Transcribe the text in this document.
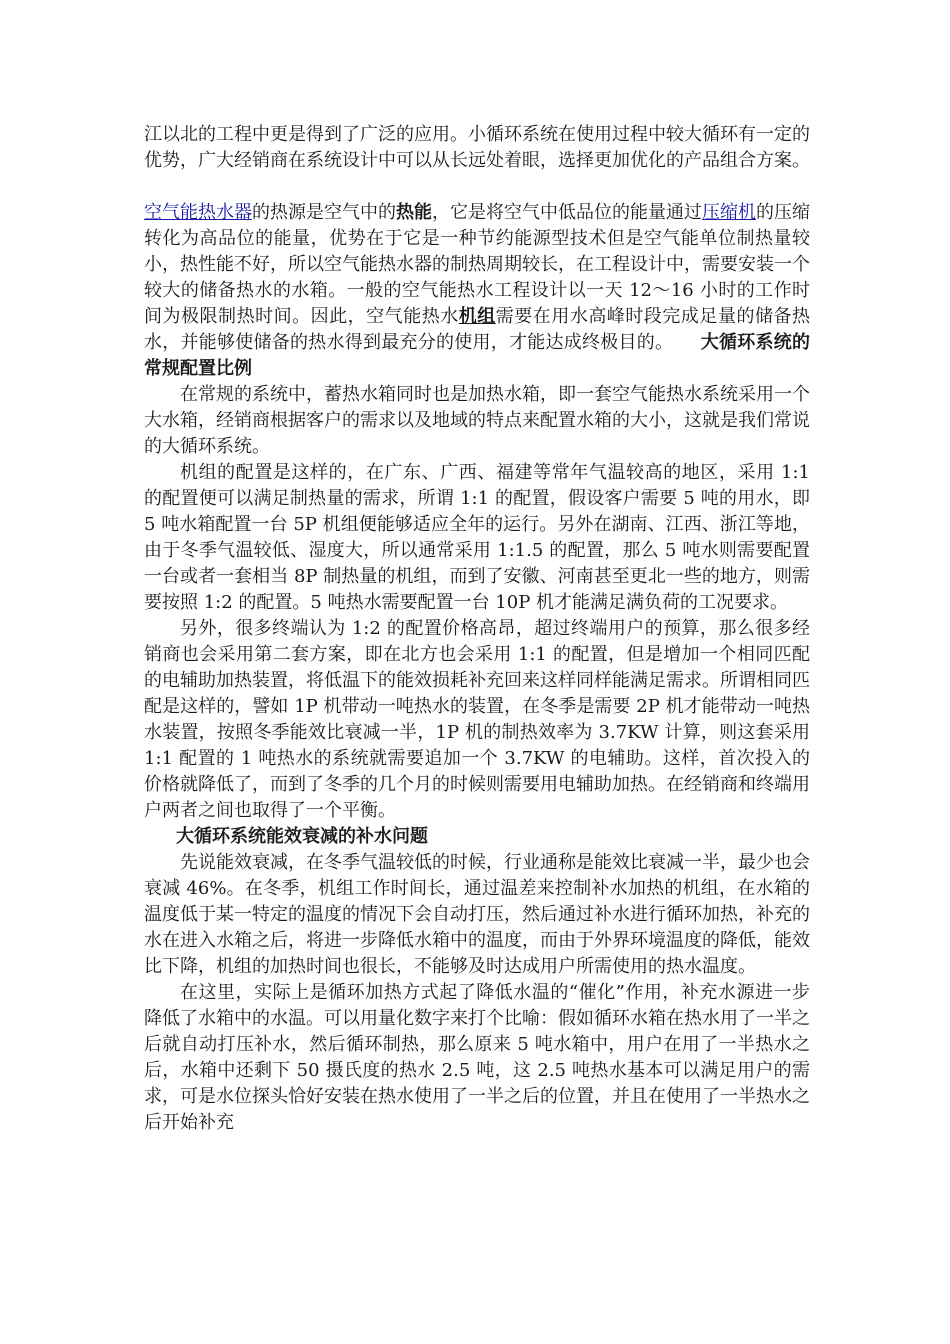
江以北的工程中更是得到了广泛的应用。小循环系统在使用过程中较大循环有一定的优势，广大经销商在系统设计中可以从长远处着眼，选择更加优化的产品组合方案。

空气能热水器的热源是空气中的热能，它是将空气中低品位的能量通过压缩机的压缩转化为高品位的能量，优势在于它是一种节约能源型技术但是空气能单位制热量较小，热性能不好，所以空气能热水器的制热周期较长，在工程设计中，需要安装一个较大的储备热水的水箱。一般的空气能热水工程设计以一天 12～16 小时的工作时间为极限制热时间。因此，空气能热水机组需要在用水高峰时段完成足量的储备热水，并能够使储备的热水得到最充分的使用，才能达成终极目的。　　 大循环系统的常规配置比例

在常规的系统中，蓄热水箱同时也是加热水箱，即一套空气能热水系统采用一个大水箱，经销商根据客户的需求以及地域的特点来配置水箱的大小，这就是我们常说的大循环系统。

机组的配置是这样的，在广东、广西、福建等常年气温较高的地区，采用 1:1 的配置便可以满足制热量的需求，所谓 1:1 的配置，假设客户需要 5 吨的用水，即 5 吨水箱配置一台 5P 机组便能够适应全年的运行。另外在湖南、江西、浙江等地，由于冬季气温较低、湿度大，所以通常采用 1:1.5 的配置，那么 5 吨水则需要配置一台或者一套相当 8P 制热量的机组，而到了安徽、河南甚至更北一些的地方，则需要按照 1:2 的配置。5 吨热水需要配置一台 10P 机才能满足满负荷的工况要求。

另外，很多终端认为 1:2 的配置价格高昂，超过终端用户的预算，那么很多经销商也会采用第二套方案，即在北方也会采用 1:1 的配置，但是增加一个相同匹配的电辅助加热装置，将低温下的能效损耗补充回来这样同样能满足需求。所谓相同匹配是这样的，譬如 1P 机带动一吨热水的装置，在冬季是需要 2P 机才能带动一吨热水装置，按照冬季能效比衰减一半，1P 机的制热效率为 3.7KW 计算，则这套采用 1:1 配置的 1 吨热水的系统就需要追加一个 3.7KW 的电辅助。这样，首次投入的价格就降低了，而到了冬季的几个月的时候则需要用电辅助加热。在经销商和终端用户两者之间也取得了一个平衡。

大循环系统能效衰减的补水问题

先说能效衰减，在冬季气温较低的时候，行业通称是能效比衰减一半，最少也会衰减 46%。在冬季，机组工作时间长，通过温差来控制补水加热的机组，在水箱的温度低于某一特定的温度的情况下会自动打压，然后通过补水进行循环加热，补充的水在进入水箱之后，将进一步降低水箱中的温度，而由于外界环境温度的降低，能效比下降，机组的加热时间也很长，不能够及时达成用户所需使用的热水温度。

在这里，实际上是循环加热方式起了降低水温的“催化”作用，补充水源进一步降低了水箱中的水温。可以用量化数字来打个比喻：假如循环水箱在热水用了一半之后就自动打压补水，然后循环制热，那么原来 5 吨水箱中，用户在用了一半热水之后，水箱中还剩下 50 摄氏度的热水 2.5 吨，这 2.5 吨热水基本可以满足用户的需求，可是水位探头恰好安装在热水使用了一半之后的位置，并且在使用了一半热水之后开始补充
